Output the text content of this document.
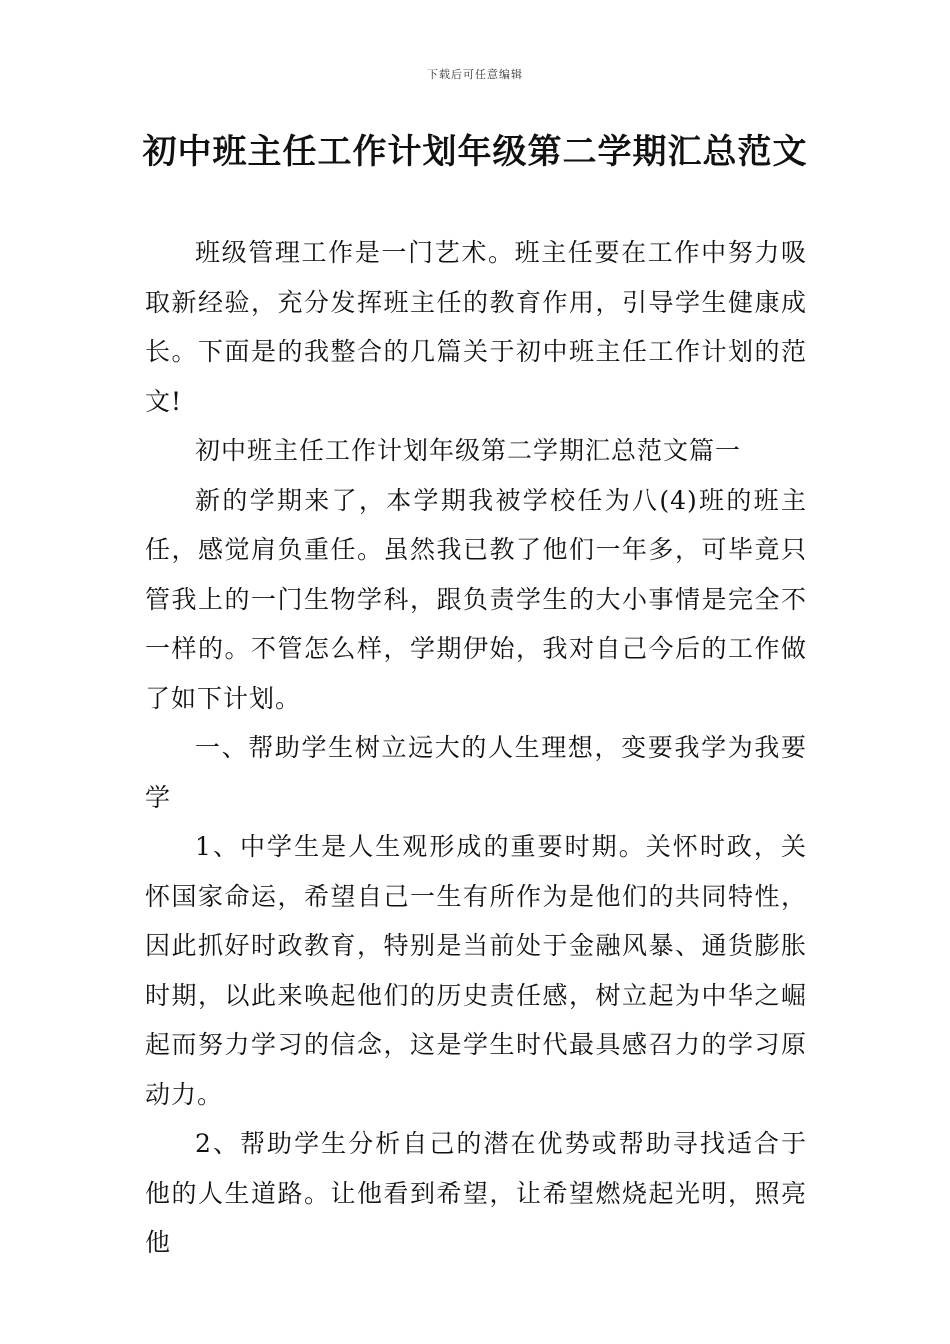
下载后可任意编辑
初中班主任工作计划年级第二学期汇总范文

班级管理工作是一门艺术。班主任要在工作中努力吸取新经验，充分发挥班主任的教育作用，引导学生健康成长。下面是的我整合的几篇关于初中班主任工作计划的范文!

初中班主任工作计划年级第二学期汇总范文篇一

新的学期来了，本学期我被学校任为八(4)班的班主任，感觉肩负重任。虽然我已教了他们一年多，可毕竟只管我上的一门生物学科，跟负责学生的大小事情是完全不一样的。不管怎么样，学期伊始，我对自己今后的工作做了如下计划。

一、帮助学生树立远大的人生理想，变要我学为我要学

1、中学生是人生观形成的重要时期。关怀时政，关怀国家命运，希望自己一生有所作为是他们的共同特性，因此抓好时政教育，特别是当前处于金融风暴、通货膨胀时期，以此来唤起他们的历史责任感，树立起为中华之崛起而努力学习的信念，这是学生时代最具感召力的学习原动力。

2、帮助学生分析自己的潜在优势或帮助寻找适合于他的人生道路。让他看到希望，让希望燃烧起光明，照亮他
